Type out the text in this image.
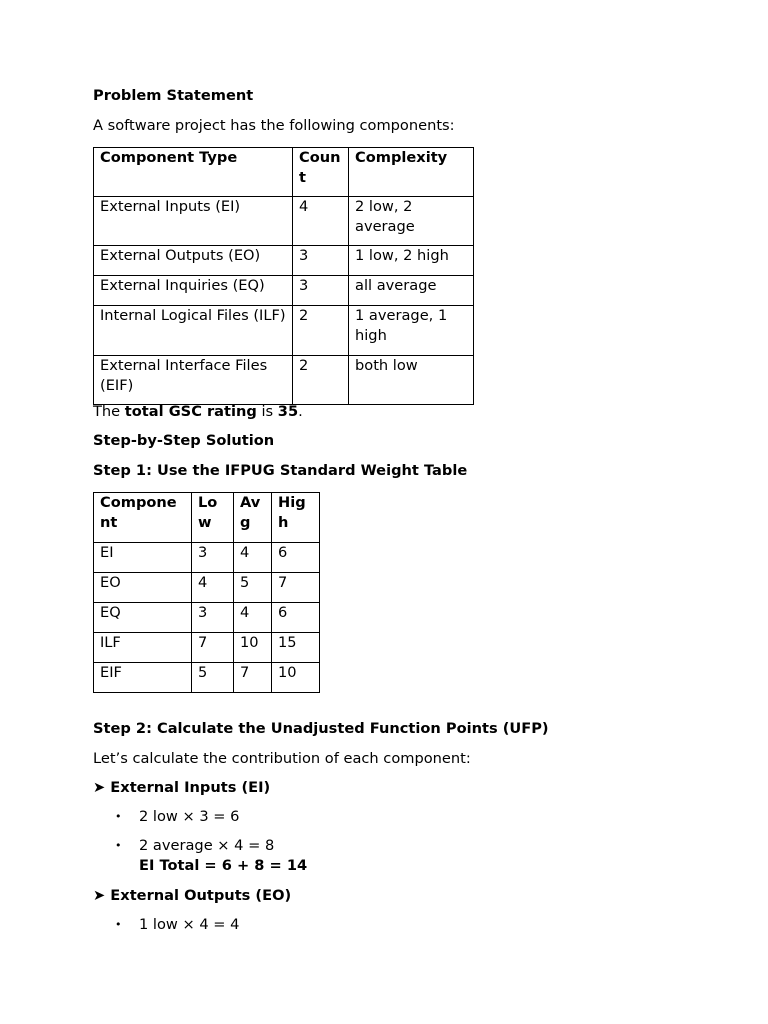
Problem Statement
A software project has the following components:
Component Type	Count	Complexity
External Inputs (EI)	4	2 low, 2 average
External Outputs (EO)	3	1 low, 2 high
External Inquiries (EQ)	3	all average
Internal Logical Files (ILF)	2	1 average, 1 high
External Interface Files (EIF)	2	both low
The total GSC rating is 35.
Step-by-Step Solution
Step 1: Use the IFPUG Standard Weight Table
Component	Low	Avg	High
EI	3	4	6
EO	4	5	7
EQ	3	4	6
ILF	7	10	15
EIF	5	7	10
Step 2: Calculate the Unadjusted Function Points (UFP)
Let’s calculate the contribution of each component:
➤ External Inputs (EI)
• 2 low × 3 = 6
• 2 average × 4 = 8
EI Total = 6 + 8 = 14
➤ External Outputs (EO)
• 1 low × 4 = 4
